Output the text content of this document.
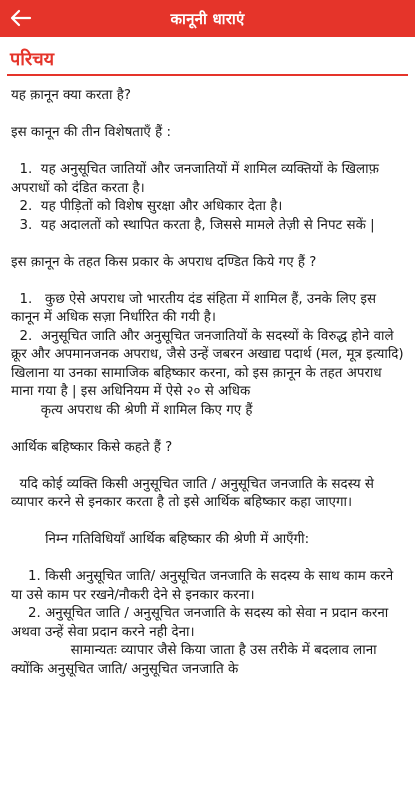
कानूनी धाराएं
परिचय

यह क़ानून क्या करता है?

इस कानून की तीन विशेषताएँ हैं :

1.  यह अनुसूचित जातियों और जनजातियों में शामिल व्यक्तियों के खिलाफ़ अपराधों को दंडित करता है।

2.  यह पीड़ितों को विशेष सुरक्षा और अधिकार देता है।

3.  यह अदालतों को स्थापित करता है, जिससे मामले तेज़ी से निपट सकें |

इस क़ानून के तहत किस प्रकार के अपराध दण्डित किये गए हैं ?

1.   कुछ ऐसे अपराध जो भारतीय दंड संहिता में शामिल हैं, उनके लिए इस कानून में अधिक सज़ा निर्धारित की गयी है।

2.  अनुसूचित जाति और अनुसूचित जनजातियों के सदस्यों के विरुद्ध होने वाले क्रूर और अपमानजनक अपराध, जैसे उन्हें जबरन अखाद्य पदार्थ (मल, मूत्र इत्यादि) खिलाना या उनका सामाजिक बहिष्कार करना, को इस क़ानून के तहत अपराध माना गया है | इस अधिनियम में ऐसे २० से अधिक

कृत्य अपराध की श्रेणी में शामिल किए गए हैं

आर्थिक बहिष्कार किसे कहते हैं ?

यदि कोई व्यक्ति किसी अनुसूचित जाति / अनुसूचित जनजाति के सदस्य से व्यापार करने से इनकार करता है तो इसे आर्थिक बहिष्कार कहा जाएगा।

निम्न गतिविधियाँ आर्थिक बहिष्कार की श्रेणी में आएँगी:

1. किसी अनुसूचित जाति/ अनुसूचित जनजाति के सदस्य के साथ काम करने या उसे काम पर रखने/नौकरी देने से इनकार करना।

2. अनुसूचित जाति / अनुसूचित जनजाति के सदस्य को सेवा न प्रदान करना अथवा उन्हें सेवा प्रदान करने नही देना।

सामान्यतः व्यापार जैसे किया जाता है उस तरीके में बदलाव लाना क्योंकि अनुसूचित जाति/ अनुसूचित जनजाति के
